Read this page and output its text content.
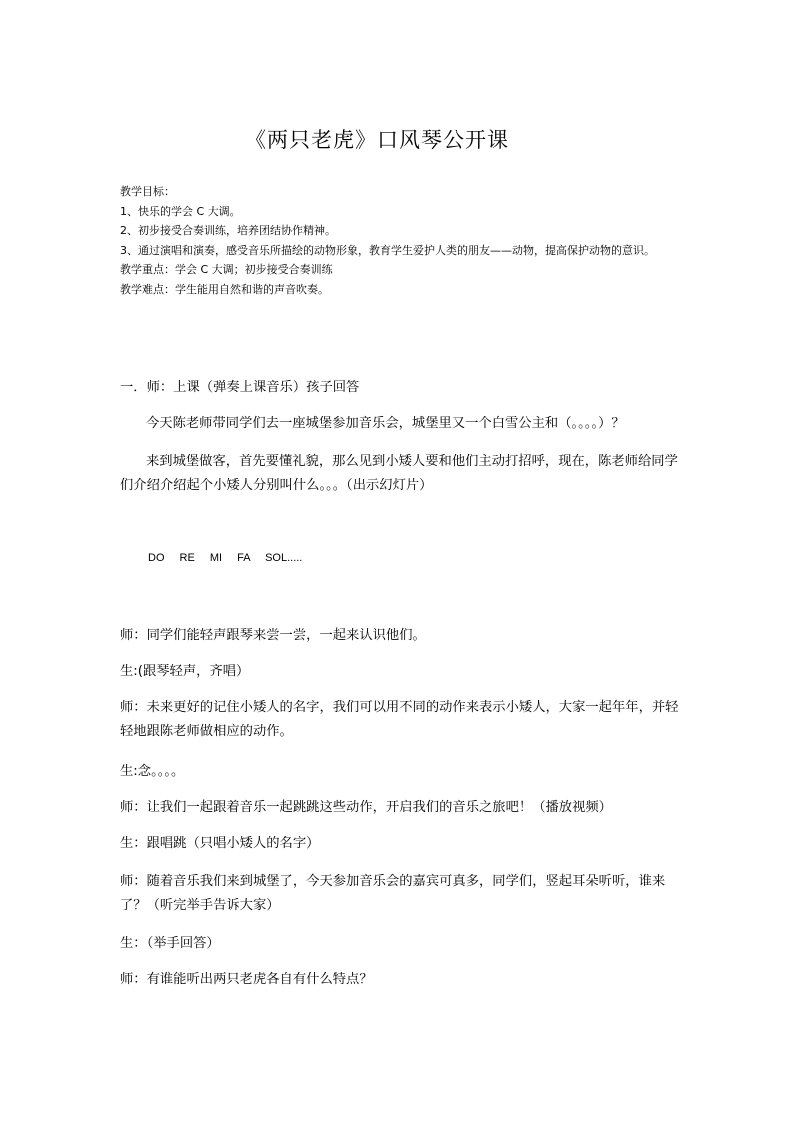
《两只老虎》口风琴公开课

教学目标：

1、快乐的学会 C 大调。

2、初步接受合奏训练，培养团结协作精神。

3、通过演唱和演奏，感受音乐所描绘的动物形象，教育学生爱护人类的朋友——动物，提高保护动物的意识。

教学重点：学会 C 大调；初步接受合奏训练

教学难点：学生能用自然和谐的声音吹奏。

一．师：上课（弹奏上课音乐）孩子回答

今天陈老师带同学们去一座城堡参加音乐会，城堡里又一个白雪公主和（。。。。）？

来到城堡做客，首先要懂礼貌，那么见到小矮人要和他们主动打招呼，现在，陈老师给同学们介绍介绍起个小矮人分别叫什么。。。（出示幻灯片）

DO RE MI FA SOL.....

师：同学们能轻声跟琴来尝一尝，一起来认识他们。

生:(跟琴轻声，齐唱）

师：未来更好的记住小矮人的名字，我们可以用不同的动作来表示小矮人，大家一起年年，并轻轻地跟陈老师做相应的动作。

生:念。。。。

师：让我们一起跟着音乐一起跳跳这些动作，开启我们的音乐之旅吧！（播放视频）

生：跟唱跳（只唱小矮人的名字）

师：随着音乐我们来到城堡了，今天参加音乐会的嘉宾可真多，同学们，竖起耳朵听听，谁来了？（听完举手告诉大家）

生：（举手回答）

师：有谁能听出两只老虎各自有什么特点？
